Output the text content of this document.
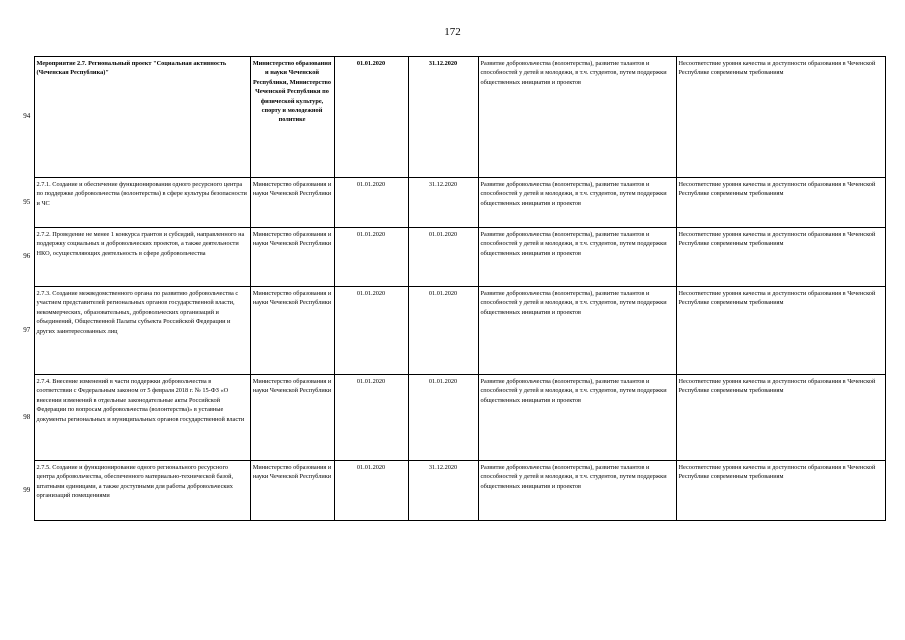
172
94	Мероприятие 2.7. Региональный проект "Социальная активность (Чеченская Республика)"	Министерство образования и науки Чеченской Республики, Министерство Чеченской Республики по физической культуре, спорту и молодежной политике	01.01.2020	31.12.2020	Развитие добровольчества (волонтерства), развитие талантов и способностей у детей и молодежи, в т.ч. студентов, путем поддержки общественных инициатив и проектов	Несоответствие уровня качества и доступности образования в Чеченской Республике современным требованиям
95	2.7.1. Создание и обеспечение функционирования одного ресурсного центра по поддержке добровольчества (волонтерства) в сфере культуры безопасности и ЧС	Министерство образования и науки Чеченской Республики	01.01.2020	31.12.2020	Развитие добровольчества (волонтерства), развитие талантов и способностей у детей и молодежи, в т.ч. студентов, путем поддержки общественных инициатив и проектов	Несоответствие уровня качества и доступности образования в Чеченской Республике современным требованиям
96	2.7.2. Проведение не менее 1 конкурса грантов и субсидий, направленного на поддержку социальных и добровольческих проектов, а также деятельности НКО, осуществляющих деятельность в сфере добровольчества	Министерство образования и науки Чеченской Республики	01.01.2020	01.01.2020	Развитие добровольчества (волонтерства), развитие талантов и способностей у детей и молодежи, в т.ч. студентов, путем поддержки общественных инициатив и проектов	Несоответствие уровня качества и доступности образования в Чеченской Республике современным требованиям
97	2.7.3. Создание межведомственного органа по развитию добровольчества с участием представителей региональных органов государственной власти, некоммерческих, образовательных, добровольческих организаций и объединений, Общественной Палаты субъекта Российской Федерации и других заинтересованных лиц	Министерство образования и науки Чеченской Республики	01.01.2020	01.01.2020	Развитие добровольчества (волонтерства), развитие талантов и способностей у детей и молодежи, в т.ч. студентов, путем поддержки общественных инициатив и проектов	Несоответствие уровня качества и доступности образования в Чеченской Республике современным требованиям
98	2.7.4. Внесение изменений в части поддержки добровольчества в соответствии с Федеральным законом от 5 февраля 2018 г. № 15-ФЗ «О внесении изменений в отдельные законодательные акты Российской Федерации по вопросам добровольчества (волонтерства)» в уставные документы региональных и муниципальных органов государственной власти	Министерство образования и науки Чеченской Республики	01.01.2020	01.01.2020	Развитие добровольчества (волонтерства), развитие талантов и способностей у детей и молодежи, в т.ч. студентов, путем поддержки общественных инициатив и проектов	Несоответствие уровня качества и доступности образования в Чеченской Республике современным требованиям
99	2.7.5. Создание и функционирование одного регионального ресурсного центра добровольчества, обеспеченного материально-технической базой, штатными единицами, а также доступными для работы добровольческих организаций помещениями	Министерство образования и науки Чеченской Республики	01.01.2020	31.12.2020	Развитие добровольчества (волонтерства), развитие талантов и способностей у детей и молодежи, в т.ч. студентов, путем поддержки общественных инициатив и проектов	Несоответствие уровня качества и доступности образования в Чеченской Республике современным требованиям
